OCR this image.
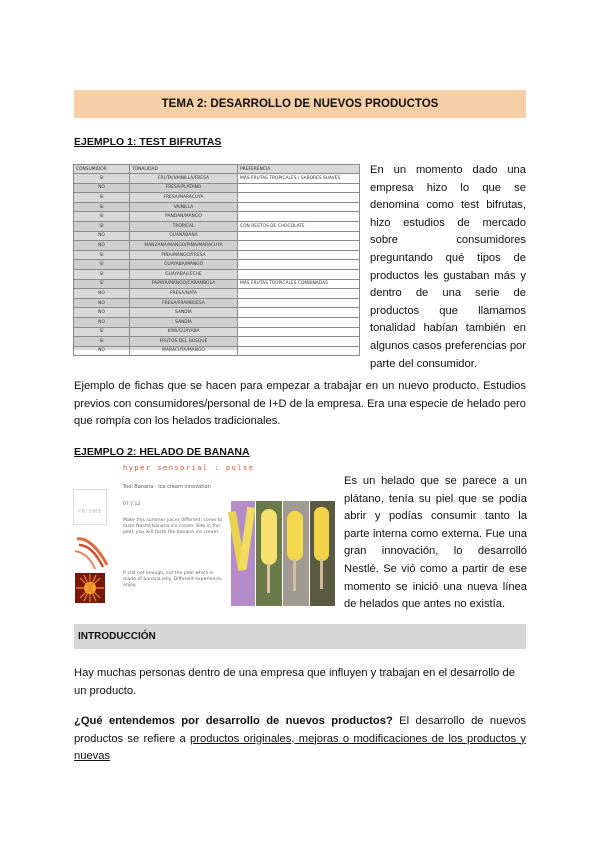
TEMA 2: DESARROLLO DE NUEVOS PRODUCTOS
EJEMPLO 1: TEST BIFRUTAS
CONSUMIDOR	TONALIDAD	PREFERENCIA
SI	FRUTA/VAINILLA/FRESA	MÁS FRUTAS TROPICALES / SABORES SUAVES
NO	FRESA/PLÁTANO	
SI	FRESA/MARACUYÁ	
SI	VAINILLA	
SI	PANDAN/MANGO	
SI	TROPICAL	CON RESTOS DE CHOCOLATE
NO	GUANÁBANA	
NO	MANZANA/MANGO/PIÑA/MARACUYA	
SI	PIÑA/MANGO/FRESA	
SI	GUAYABA/MANGO	
SI	GUAYABA/LECHE	
SI	PAPAYA/MANGO/CARAMBOLA	MÁS FRUTAS TROPICALES COMBINADAS
NO	FRESA/NATA	
NO	FRESA/FRAMBUESA	
NO	SANDÍA	
NO	SANDÍA	
SI	KIWI/GUAYABA	
SI	FRUTOS DEL BOSQUE	
NO	MARACUYA/MANGO	
En un momento dado una empresa hizo lo que se denomina como test bifrutas, hizo estudios de mercado sobre consumidores preguntando qué tipos de productos les gustaban más y dentro de una serie de productos que llamamos tonalidad habían también en algunos casos preferencias por parte del consumidor.
Ejemplo de fichas que se hacen para empezar a trabajar en un nuevo producto. Estudios previos con consumidores/personal de I+D de la empresa. Era una especie de helado pero que rompía con los helados tradicionales.
EJEMPLO 2: HELADO DE BANANA
hyper sensorial : pulse
Tool Banana - Ice cream innovation
07.7.12
Make this summer juicer different, come to taste Nestlé banana ice cream. Bite in the peel, you will taste the banana ice cream.
If still not enough, cut the peel which is made of banana jelly. Different experience, enjoy.
PRISME
Es un helado que se parece a un plátano, tenía su piel que se podía abrir y podías consumir tanto la parte interna como externa. Fue una gran innovación, lo desarrolló Nestlé. Se vió como a partir de ese momento se inició una nueva línea de helados que antes no existía.
INTRODUCCIÓN
Hay muchas personas dentro de una empresa que influyen y trabajan en el desarrollo de un producto.
¿Qué entendemos por desarrollo de nuevos productos? El desarrollo de nuevos productos se refiere a productos originales, mejoras o modificaciones de los productos y nuevas
